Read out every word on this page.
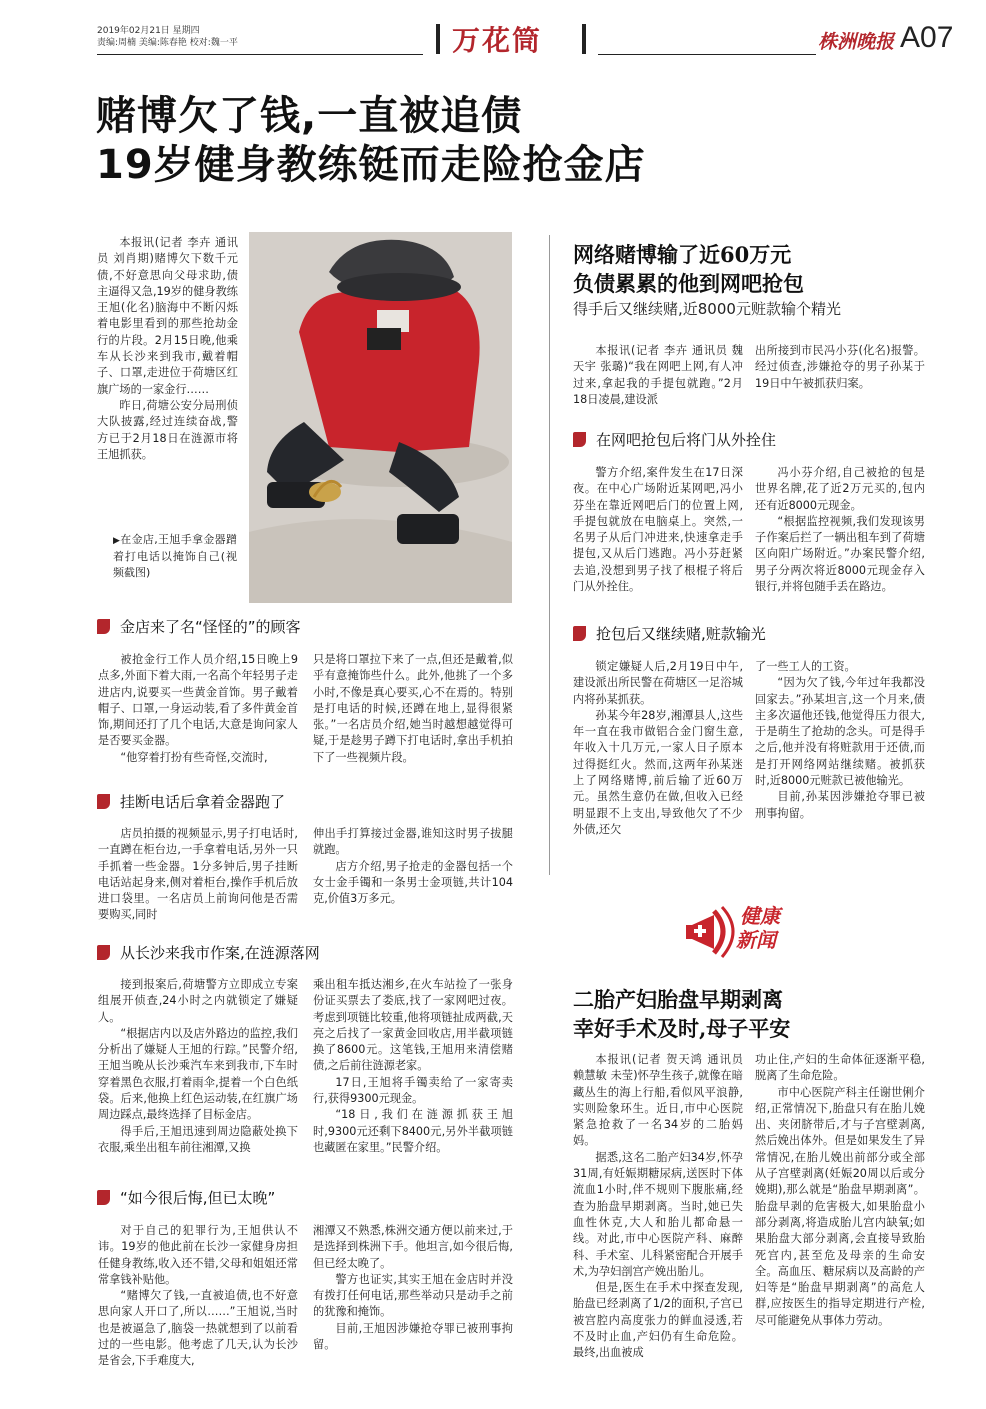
2019年02月21日 星期四
责编:周楠 美编:陈春艳 校对:魏一平	万花筒	株洲晚报 A07
赌博欠了钱,一直被追债
19岁健身教练铤而走险抢金店

本报讯(记者 李卉 通讯员 刘肖期)赌博欠下数千元债,不好意思向父母求助,债主逼得又急,19岁的健身教练王旭(化名)脑海中不断闪烁着电影里看到的那些抢劫金行的片段。2月15日晚,他乘车从长沙来到我市,戴着帽子、口罩,走进位于荷塘区红旗广场的一家金行……

昨日,荷塘公安分局刑侦大队披露,经过连续奋战,警方已于2月18日在涟源市将王旭抓获。

▶在金店,王旭手拿金器蹭着打电话以掩饰自己(视频截图)
金店来了名“怪怪的”的顾客

被抢金行工作人员介绍,15日晚上9点多,外面下着大雨,一名高个年轻男子走进店内,说要买一些黄金首饰。男子戴着帽子、口罩,一身运动装,看了多件黄金首饰,期间还打了几个电话,大意是询问家人是否要买金器。

“他穿着打扮有些奇怪,交流时,

只是将口罩拉下来了一点,但还是戴着,似乎有意掩饰些什么。此外,他挑了一个多小时,不像是真心要买,心不在焉的。特别是打电话的时候,还蹲在地上,显得很紧张。”一名店员介绍,她当时越想越觉得可疑,于是趁男子蹲下打电话时,拿出手机拍下了一些视频片段。

挂断电话后拿着金器跑了

店员拍摄的视频显示,男子打电话时,一直蹲在柜台边,一手拿着电话,另外一只手抓着一些金器。1分多钟后,男子挂断电话站起身来,侧对着柜台,操作手机后放进口袋里。一名店员上前询问他是否需要购买,同时

伸出手打算接过金器,谁知这时男子拔腿就跑。

店方介绍,男子抢走的金器包括一个女士金手镯和一条男士金项链,共计104克,价值3万多元。

从长沙来我市作案,在涟源落网

接到报案后,荷塘警方立即成立专案组展开侦查,24小时之内就锁定了嫌疑人。

“根据店内以及店外路边的监控,我们分析出了嫌疑人王旭的行踪。”民警介绍,王旭当晚从长沙乘汽车来到我市,下车时穿着黑色衣服,打着雨伞,提着一个白色纸袋。后来,他换上红色运动装,在红旗广场周边踩点,最终选择了目标金店。

得手后,王旭迅速到周边隐蔽处换下衣服,乘坐出租车前往湘潭,又换

乘出租车抵达湘乡,在火车站捡了一张身份证买票去了娄底,找了一家网吧过夜。考虑到项链比较重,他将项链扯成两截,天亮之后找了一家黄金回收店,用半截项链换了8600元。这笔钱,王旭用来清偿赌债,之后前往涟源老家。

17日,王旭将手镯卖给了一家寄卖行,获得9300元现金。

“18日,我们在涟源抓获王旭时,9300元还剩下8400元,另外半截项链也藏匿在家里。”民警介绍。

“如今很后悔,但已太晚”

对于自己的犯罪行为,王旭供认不讳。19岁的他此前在长沙一家健身房担任健身教练,收入还不错,父母和姐姐还常常拿钱补贴他。

“赌博欠了钱,一直被追债,也不好意思向家人开口了,所以……”王旭说,当时也是被逼急了,脑袋一热就想到了以前看过的一些电影。他考虑了几天,认为长沙是省会,下手难度大,

湘潭又不熟悉,株洲交通方便以前来过,于是选择到株洲下手。他坦言,如今很后悔,但已经太晚了。

警方也证实,其实王旭在金店时并没有拨打任何电话,那些举动只是动手之前的犹豫和掩饰。

目前,王旭因涉嫌抢夺罪已被刑事拘留。

网络赌博输了近60万元
负债累累的他到网吧抢包
得手后又继续赌,近8000元赃款输个精光

本报讯(记者 李卉 通讯员 魏天宇 张璐)“我在网吧上网,有人冲过来,拿起我的手提包就跑。”2月18日凌晨,建设派

出所接到市民冯小芬(化名)报警。经过侦查,涉嫌抢夺的男子孙某于19日中午被抓获归案。

在网吧抢包后将门从外拴住

警方介绍,案件发生在17日深夜。在中心广场附近某网吧,冯小芬坐在靠近网吧后门的位置上网,手提包就放在电脑桌上。突然,一名男子从后门冲进来,快速拿走手提包,又从后门逃跑。冯小芬赶紧去追,没想到男子找了根棍子将后门从外拴住。

冯小芬介绍,自己被抢的包是世界名牌,花了近2万元买的,包内还有近8000元现金。

“根据监控视频,我们发现该男子作案后拦了一辆出租车到了荷塘区向阳广场附近。”办案民警介绍,男子分两次将近8000元现金存入银行,并将包随手丢在路边。

抢包后又继续赌,赃款输光

锁定嫌疑人后,2月19日中午,建设派出所民警在荷塘区一足浴城内将孙某抓获。

孙某今年28岁,湘潭县人,这些年一直在我市做铝合金门窗生意,年收入十几万元,一家人日子原本过得挺红火。然而,这两年孙某迷上了网络赌博,前后输了近60万元。虽然生意仍在做,但收入已经明显跟不上支出,导致他欠了不少外债,还欠

了一些工人的工资。

“因为欠了钱,今年过年我都没回家去。”孙某坦言,这一个月来,债主多次逼他还钱,他觉得压力很大,于是萌生了抢劫的念头。可是得手之后,他并没有将赃款用于还债,而是打开网络网站继续赌。被抓获时,近8000元赃款已被他输光。

目前,孙某因涉嫌抢夺罪已被刑事拘留。

健康
新闻
二胎产妇胎盘早期剥离
幸好手术及时,母子平安

本报讯(记者 贺天鸿 通讯员 赖慧敏 未莹)怀孕生孩子,就像在暗藏丛生的海上行船,看似风平浪静,实则险象环生。近日,市中心医院紧急抢救了一名34岁的二胎妈妈。

据悉,这名二胎产妇34岁,怀孕31周,有妊娠期糖尿病,送医时下体流血1小时,伴不规则下腹胀痛,经查为胎盘早期剥离。当时,她已失血性休克,大人和胎儿都命悬一线。对此,市中心医院产科、麻醉科、手术室、儿科紧密配合开展手术,为孕妇剖宫产娩出胎儿。

但是,医生在手术中探查发现,胎盘已经剥离了1/2的面积,子宫已被宫腔内高度张力的鲜血浸透,若不及时止血,产妇仍有生命危险。最终,出血被成

功止住,产妇的生命体征逐渐平稳,脱离了生命危险。

市中心医院产科主任谢世俐介绍,正常情况下,胎盘只有在胎儿娩出、夹闭脐带后,才与子宫壁剥离,然后娩出体外。但是如果发生了异常情况,在胎儿娩出前部分或全部从子宫壁剥离(妊娠20周以后或分娩期),那么就是“胎盘早期剥离”。胎盘早剥的危害极大,如果胎盘小部分剥离,将造成胎儿宫内缺氧;如果胎盘大部分剥离,会直接导致胎死宫内,甚至危及母亲的生命安全。高血压、糖尿病以及高龄的产妇等是“胎盘早期剥离”的高危人群,应按医生的指导定期进行产检,尽可能避免从事体力劳动。
